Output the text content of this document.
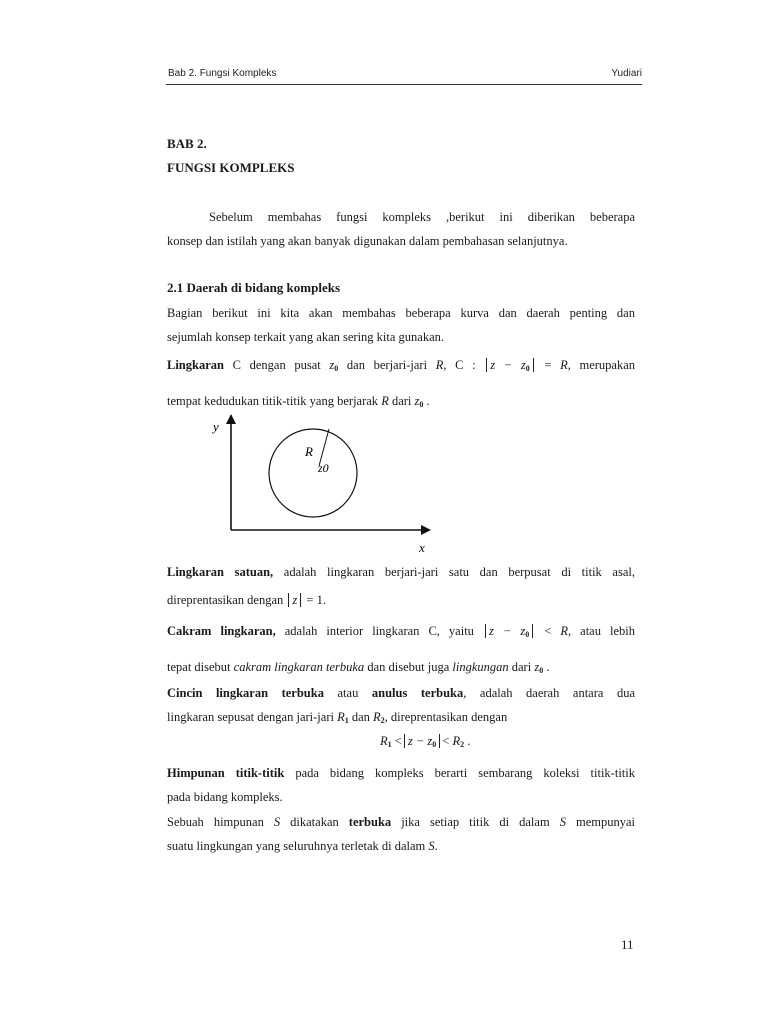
Bab 2. Fungsi Kompleks	Yudiari
BAB 2.
FUNGSI KOMPLEKS
Sebelum membahas fungsi kompleks ,berikut ini diberikan beberapa
konsep dan istilah yang akan banyak digunakan dalam pembahasan selanjutnya.
2.1 Daerah di bidang kompleks
Bagian berikut ini kita akan membahas beberapa kurva dan daerah penting dan
sejumlah konsep terkait yang akan sering kita gunakan.
Lingkaran C dengan pusat $z_0$ dan berjari-jari R, C : $z - z_0 = R$, merupakan
tempat kedudukan titik-titik yang berjarak R dari $z_0$ .
y
x
R
z0
Lingkaran satuan, adalah lingkaran berjari-jari satu dan berpusat di titik asal,
direprentasikan dengan z = 1.
Cakram lingkaran, adalah interior lingkaran C, yaitu $z - z_0 < R$, atau lebih
tepat disebut cakram lingkaran terbuka dan disebut juga lingkungan dari $z_0$ .
Cincin lingkaran terbuka atau anulus terbuka, adalah daerah antara dua
lingkaran sepusat dengan jari-jari $R_1$ dan $R_2$, direprentasikan dengan
$R_1 < z - z_0 < R_2$ .
Himpunan titik-titik pada bidang kompleks berarti sembarang koleksi titik-titik
pada bidang kompleks.
Sebuah himpunan S dikatakan terbuka jika setiap titik di dalam S mempunyai
suatu lingkungan yang seluruhnya terletak di dalam S.
11
